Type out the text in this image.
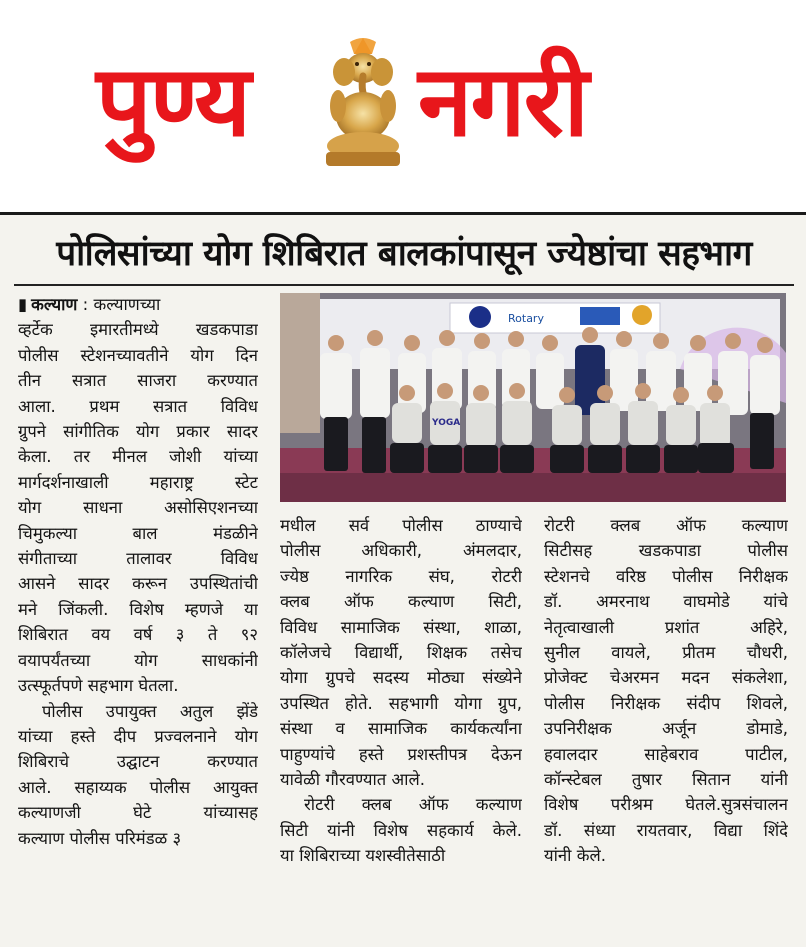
पुण्य नगरी
पोलिसांच्या योग शिबिरात बालकांपासून ज्येष्ठांचा सहभाग
▮ कल्याण : कल्याणच्या
व्हर्टेक इमारतीमध्ये खडकपाडा
पोलीस स्टेशनच्यावतीने योग दिन
तीन सत्रात साजरा करण्यात
आला. प्रथम सत्रात विविध
ग्रुपने सांगीतिक योग प्रकार सादर
केला. तर मीनल जोशी यांच्या
मार्गदर्शनाखाली महाराष्ट्र स्टेट
योग साधना असोसिएशनच्या
चिमुकल्या बाल मंडळीने
संगीताच्या तालावर विविध
आसने सादर करून उपस्थितांची
मने जिंकली. विशेष म्हणजे या
शिबिरात वय वर्ष ३ ते ९२
वयापर्यंतच्या योग साधकांनी
उत्स्फूर्तपणे सहभाग घेतला.
पोलीस उपायुक्त अतुल झेंडे
यांच्या हस्ते दीप प्रज्वलनाने योग
शिबिराचे उद्घाटन करण्यात
आले. सहाय्यक पोलीस आयुक्त
कल्याणजी घेटे यांच्यासह
कल्याण पोलीस परिमंडळ ३
Rotary
YOGA
मधील सर्व पोलीस ठाण्याचे
पोलीस अधिकारी, अंमलदार,
ज्येष्ठ नागरिक संघ, रोटरी
क्लब ऑफ कल्याण सिटी,
विविध सामाजिक संस्था, शाळा,
कॉलेजचे विद्यार्थी, शिक्षक तसेच
योगा ग्रुपचे सदस्य मोठ्या संख्येने
उपस्थित होते. सहभागी योगा ग्रुप,
संस्था व सामाजिक कार्यकर्त्यांना
पाहुण्यांचे हस्ते प्रशस्तीपत्र देऊन
यावेळी गौरवण्यात आले.
रोटरी क्लब ऑफ कल्याण
सिटी यांनी विशेष सहकार्य केले.
या शिबिराच्या यशस्वीतेसाठी
रोटरी क्लब ऑफ कल्याण
सिटीसह खडकपाडा पोलीस
स्टेशनचे वरिष्ठ पोलीस निरीक्षक
डॉ. अमरनाथ वाघमोडे यांचे
नेतृत्वाखाली प्रशांत अहिरे,
सुनील वायले, प्रीतम चौधरी,
प्रोजेक्ट चेअरमन मदन संकलेशा,
पोलीस निरीक्षक संदीप शिवले,
उपनिरीक्षक अर्जून डोमाडे,
हवालदार साहेबराव पाटील,
कॉन्स्टेबल तुषार सितान यांनी
विशेष परीश्रम घेतले.सुत्रसंचालन
डॉ. संध्या रायतवार, विद्या शिंदे
यांनी केले.
